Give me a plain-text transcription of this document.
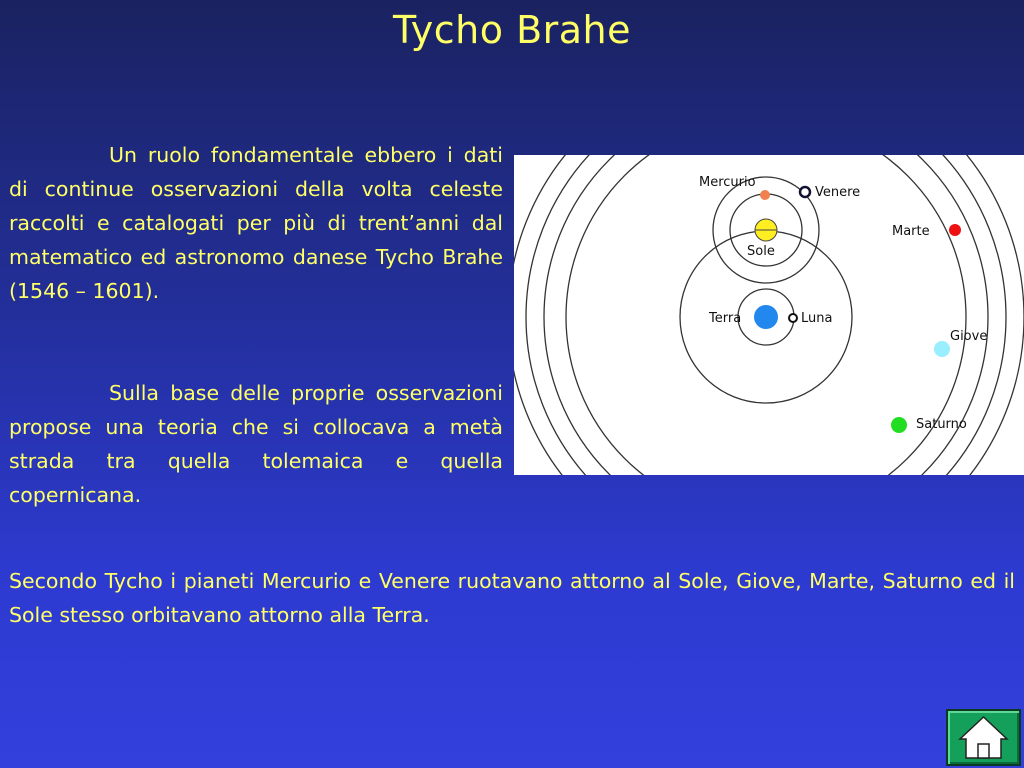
Tycho Brahe

Un ruolo fondamentale ebbero i dati di continue osservazioni della volta celeste raccolti e catalogati per più di trent’anni dal matematico ed astronomo danese Tycho Brahe (1546 – 1601).

Sulla base delle proprie osservazioni propose una teoria che si collocava a metà strada tra quella tolemaica e quella copernicana.

Secondo Tycho i pianeti Mercurio e Venere ruotavano attorno al Sole, Giove, Marte, Saturno ed il Sole stesso orbitavano attorno alla Terra.

Sole
Mercurio
Venere
Marte
Terra	Luna
Giove
Saturno
